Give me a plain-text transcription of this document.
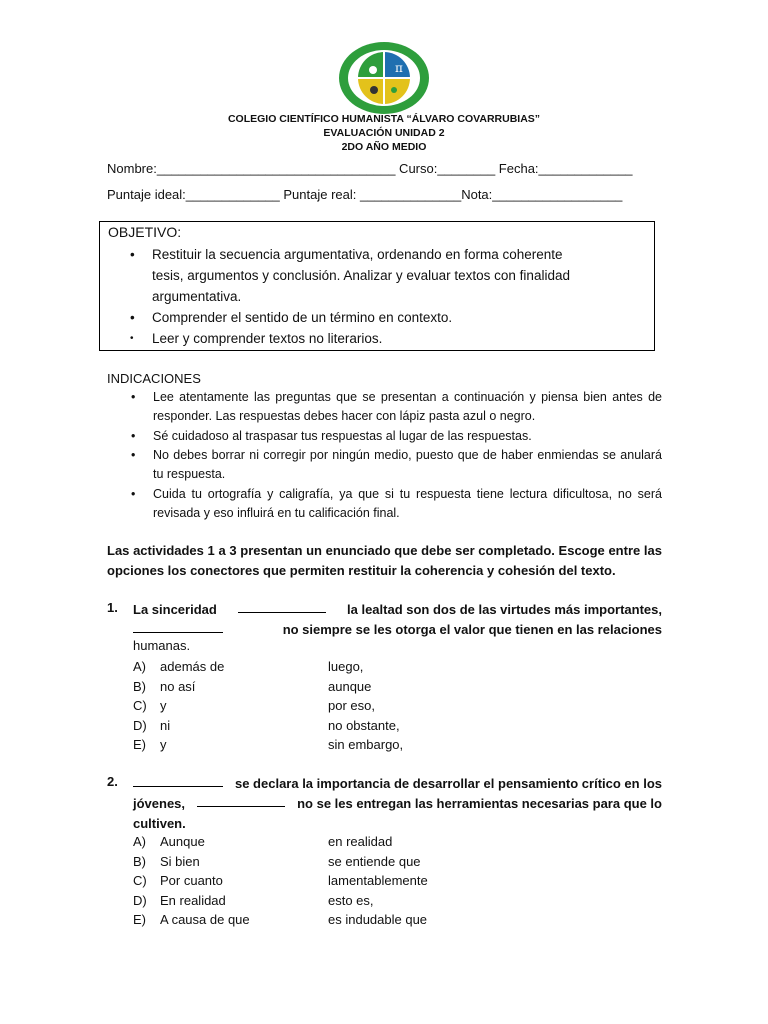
π
COLEGIO CIENTÍFICO HUMANISTA “ÁLVARO COVARRUBIAS”
EVALUACIÓN UNIDAD 2
2DO AÑO MEDIO
Nombre:_________________________________ Curso:________ Fecha:_____________
Puntaje ideal:_____________ Puntaje real: ______________Nota:__________________
OBJETIVO:
• Restituir la secuencia argumentativa, ordenando en forma coherente
tesis, argumentos y conclusión. Analizar y evaluar textos con finalidad
argumentativa.
• Comprender el sentido de un término en contexto.
• Leer y comprender textos no literarios.
INDICACIONES
• Lee atentamente las preguntas que se presentan a continuación y piensa bien antes de responder. Las respuestas debes hacer con lápiz pasta azul o negro.
• Sé cuidadoso al traspasar tus respuestas al lugar de las respuestas.
• No debes borrar ni corregir por ningún medio, puesto que de haber enmiendas se anulará tu respuesta.
• Cuida tu ortografía y caligrafía, ya que si tu respuesta tiene lectura dificultosa, no será revisada y eso influirá en tu calificación final.
Las actividades 1 a 3 presentan un enunciado que debe ser completado. Escoge entre las opciones los conectores que permiten restituir la coherencia y cohesión del texto.
1. La sinceridad	la lealtad son dos de las virtudes más importantes,
no siempre se les otorga el valor que tienen en las relaciones
humanas.
A) además de	luego,
B) no así	aunque
C) y	por eso,
D) ni	no obstante,
E) y	sin embargo,
2.	se declara la importancia de desarrollar el pensamiento crítico en los
jóvenes,	no se les entregan las herramientas necesarias para que lo
cultiven.
A) Aunque	en realidad
B) Si bien	se entiende que
C) Por cuanto	lamentablemente
D) En realidad	esto es,
E) A causa de que	es indudable que
